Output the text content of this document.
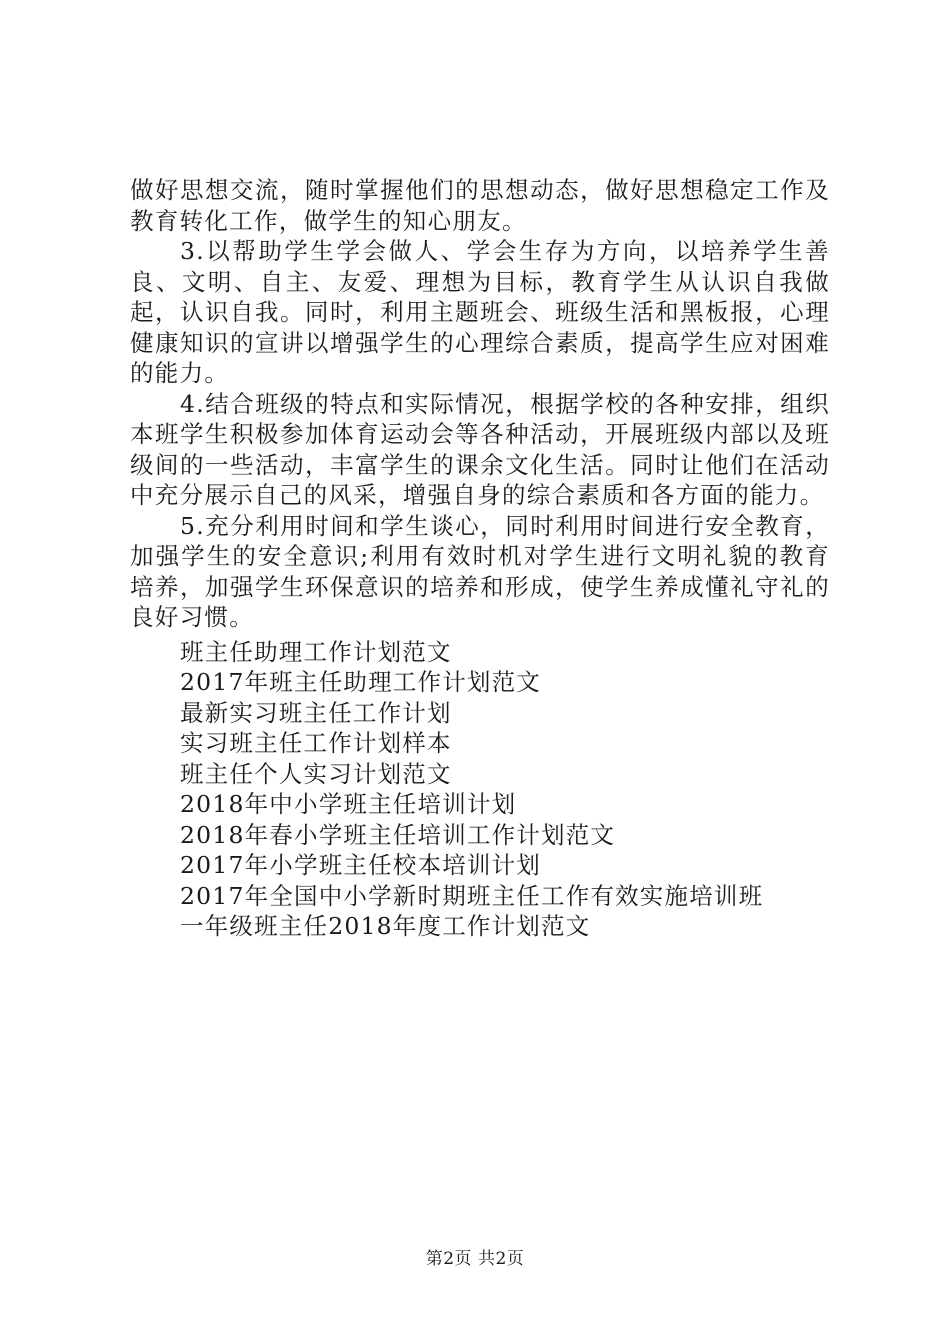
做好思想交流，随时掌握他们的思想动态，做好思想稳定工作及教育转化工作，做学生的知心朋友。

3.以帮助学生学会做人、学会生存为方向，以培养学生善良、文明、自主、友爱、理想为目标，教育学生从认识自我做起，认识自我。同时，利用主题班会、班级生活和黑板报，心理健康知识的宣讲以增强学生的心理综合素质，提高学生应对困难的能力。

4.结合班级的特点和实际情况，根据学校的各种安排，组织本班学生积极参加体育运动会等各种活动，开展班级内部以及班级间的一些活动，丰富学生的课余文化生活。同时让他们在活动中充分展示自己的风采，增强自身的综合素质和各方面的能力。

5.充分利用时间和学生谈心，同时利用时间进行安全教育，加强学生的安全意识;利用有效时机对学生进行文明礼貌的教育培养，加强学生环保意识的培养和形成，使学生养成懂礼守礼的良好习惯。

班主任助理工作计划范文
2017年班主任助理工作计划范文
最新实习班主任工作计划
实习班主任工作计划样本
班主任个人实习计划范文
2018年中小学班主任培训计划
2018年春小学班主任培训工作计划范文
2017年小学班主任校本培训计划
2017年全国中小学新时期班主任工作有效实施培训班
一年级班主任2018年度工作计划范文
第2页 共2页
